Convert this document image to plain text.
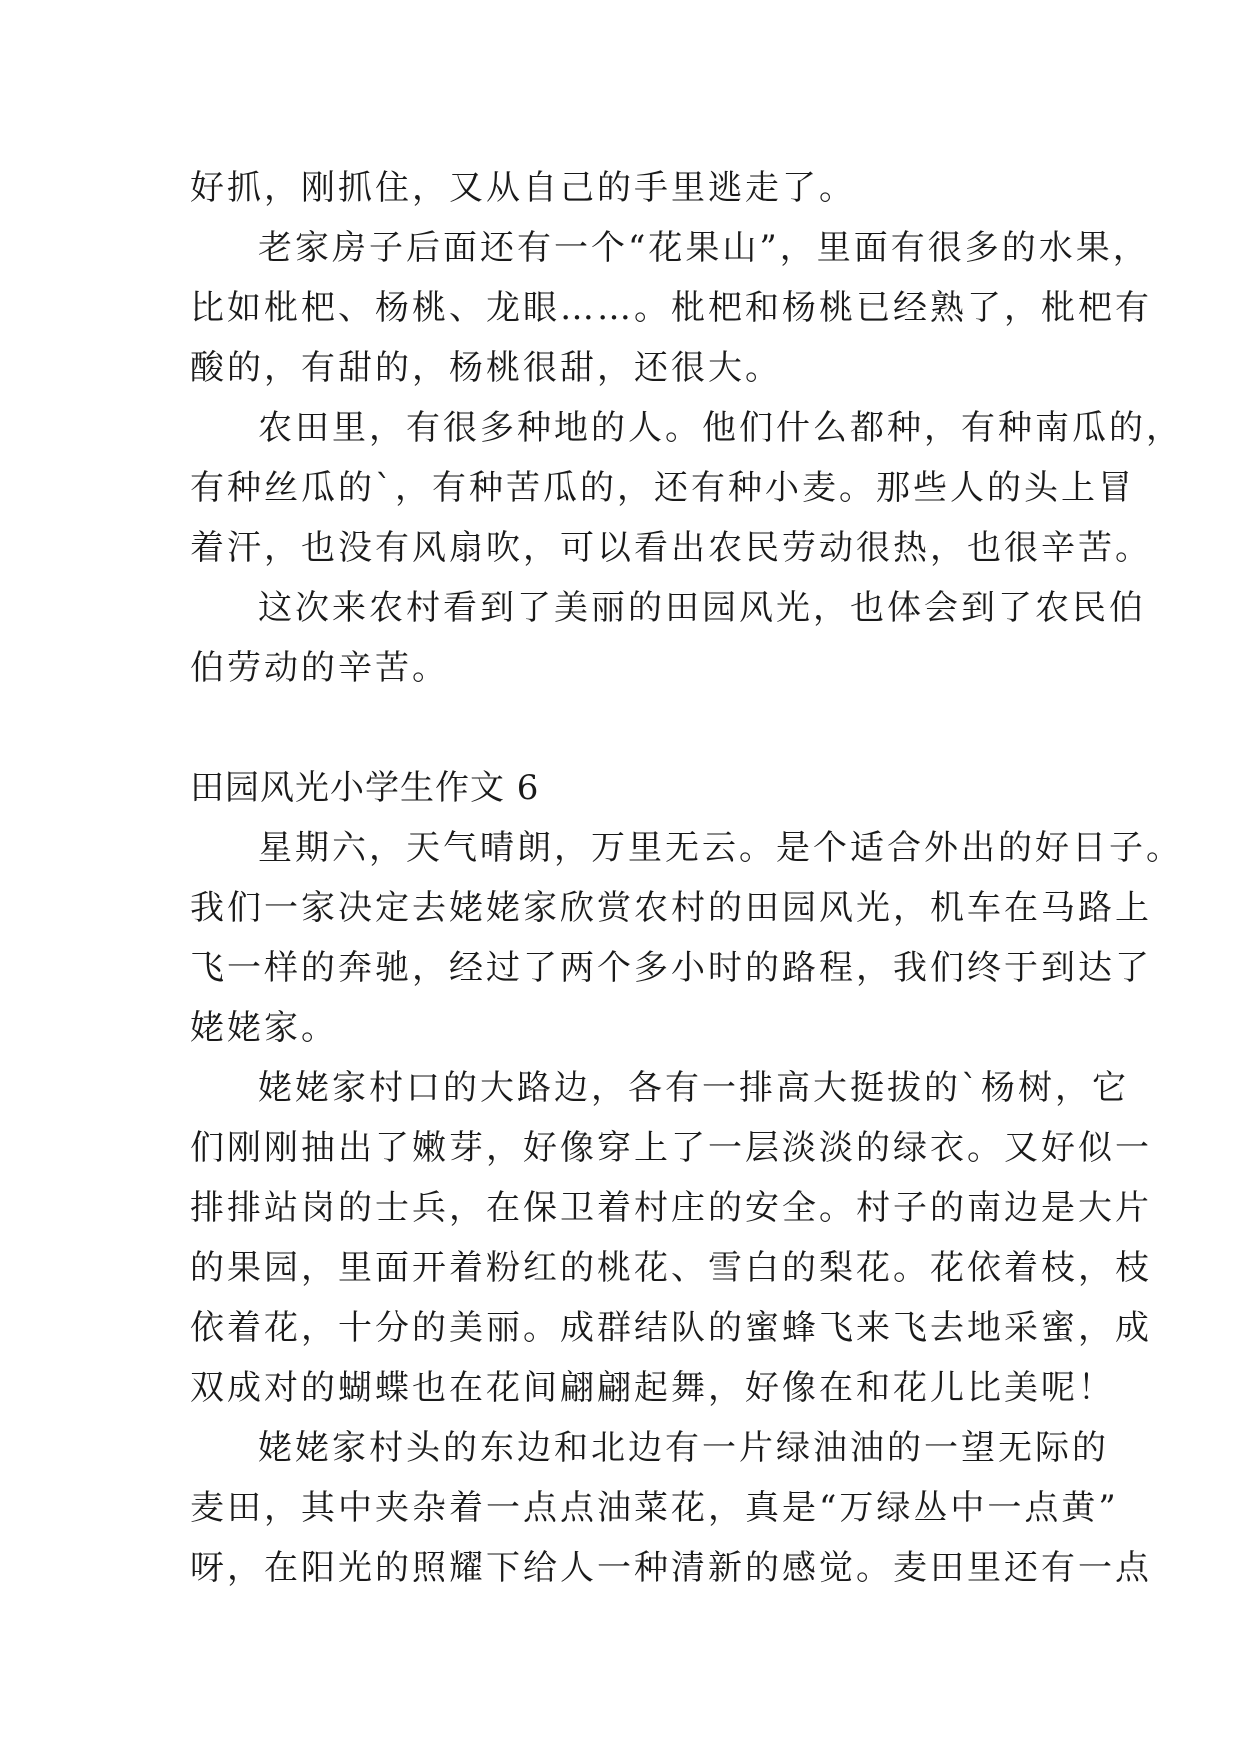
好抓，刚抓住，又从自己的手里逃走了。
老家房子后面还有一个“花果山”，里面有很多的水果，
比如枇杷、杨桃、龙眼……。枇杷和杨桃已经熟了，枇杷有
酸的，有甜的，杨桃很甜，还很大。
农田里，有很多种地的人。他们什么都种，有种南瓜的，
有种丝瓜的`，有种苦瓜的，还有种小麦。那些人的头上冒
着汗，也没有风扇吹，可以看出农民劳动很热，也很辛苦。
这次来农村看到了美丽的田园风光，也体会到了农民伯
伯劳动的辛苦。
田园风光小学生作文 6
星期六，天气晴朗，万里无云。是个适合外出的好日子。
我们一家决定去姥姥家欣赏农村的田园风光，机车在马路上
飞一样的奔驰，经过了两个多小时的路程，我们终于到达了
姥姥家。
姥姥家村口的大路边，各有一排高大挺拔的`杨树，它
们刚刚抽出了嫩芽，好像穿上了一层淡淡的绿衣。又好似一
排排站岗的士兵，在保卫着村庄的安全。村子的南边是大片
的果园，里面开着粉红的桃花、雪白的梨花。花依着枝，枝
依着花，十分的美丽。成群结队的蜜蜂飞来飞去地采蜜，成
双成对的蝴蝶也在花间翩翩起舞，好像在和花儿比美呢！
姥姥家村头的东边和北边有一片绿油油的一望无际的
麦田，其中夹杂着一点点油菜花，真是“万绿丛中一点黄”
呀，在阳光的照耀下给人一种清新的感觉。麦田里还有一点
